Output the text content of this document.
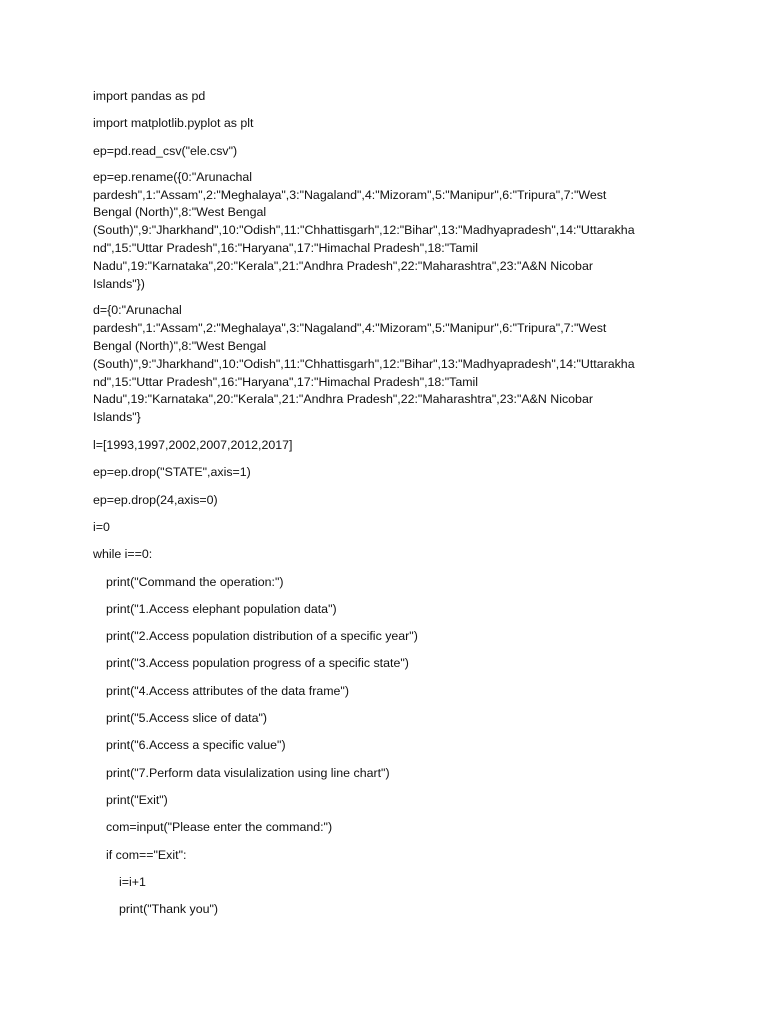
import pandas as pd
import matplotlib.pyplot as plt
ep=pd.read_csv("ele.csv")
ep=ep.rename({0:"Arunachal
pardesh",1:"Assam",2:"Meghalaya",3:"Nagaland",4:"Mizoram",5:"Manipur",6:"Tripura",7:"West
Bengal (North)",8:"West Bengal
(South)",9:"Jharkhand",10:"Odish",11:"Chhattisgarh",12:"Bihar",13:"Madhyapradesh",14:"Uttarakha
nd",15:"Uttar Pradesh",16:"Haryana",17:"Himachal Pradesh",18:"Tamil
Nadu",19:"Karnataka",20:"Kerala",21:"Andhra Pradesh",22:"Maharashtra",23:"A&N Nicobar
Islands"})
d={0:"Arunachal
pardesh",1:"Assam",2:"Meghalaya",3:"Nagaland",4:"Mizoram",5:"Manipur",6:"Tripura",7:"West
Bengal (North)",8:"West Bengal
(South)",9:"Jharkhand",10:"Odish",11:"Chhattisgarh",12:"Bihar",13:"Madhyapradesh",14:"Uttarakha
nd",15:"Uttar Pradesh",16:"Haryana",17:"Himachal Pradesh",18:"Tamil
Nadu",19:"Karnataka",20:"Kerala",21:"Andhra Pradesh",22:"Maharashtra",23:"A&N Nicobar
Islands"}
l=[1993,1997,2002,2007,2012,2017]
ep=ep.drop("STATE",axis=1)
ep=ep.drop(24,axis=0)
i=0
while i==0:
print("Command the operation:")
print("1.Access elephant population data")
print("2.Access population distribution of a specific year")
print("3.Access population progress of a specific state")
print("4.Access attributes of the data frame")
print("5.Access slice of data")
print("6.Access a specific value")
print("7.Perform data visulalization using line chart")
print("Exit")
com=input("Please enter the command:")
if com=="Exit":
i=i+1
print("Thank you")
